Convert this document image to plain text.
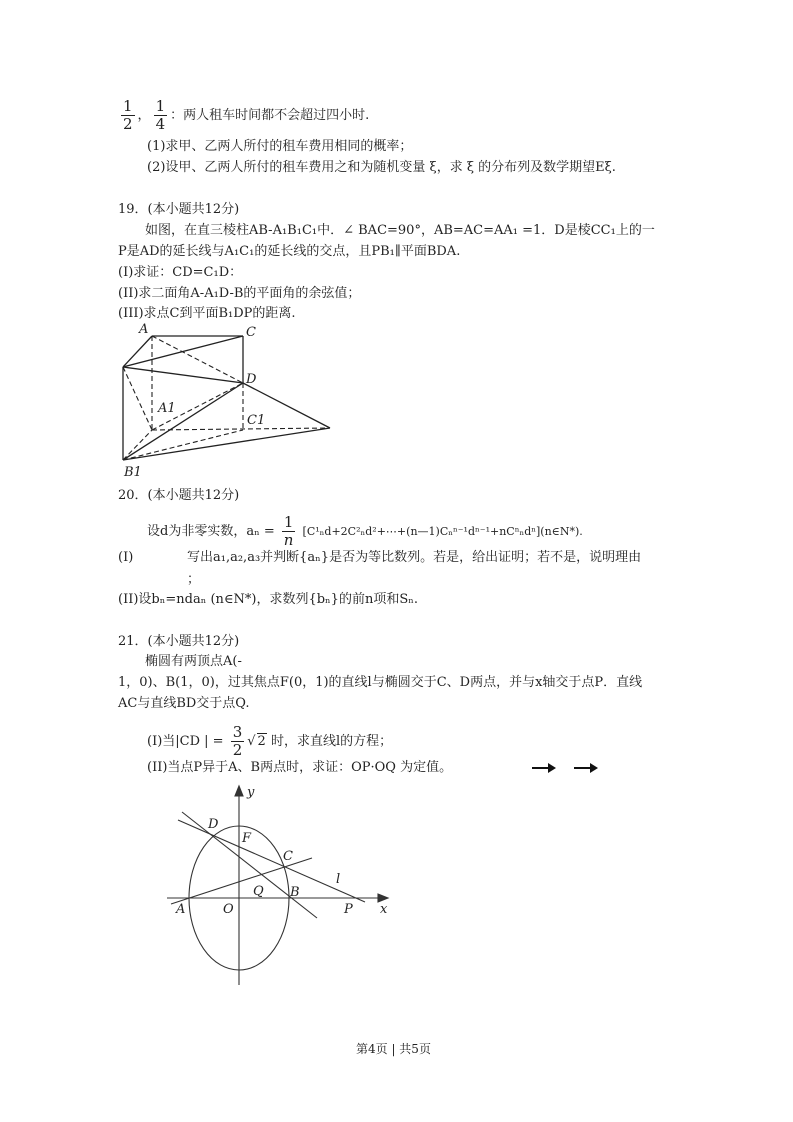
$\frac{1}{2}$ ， $\frac{1}{4}$ ：两人租车时间都不会超过四小时.
(1)求甲、乙两人所付的租车费用相同的概率；
(2)设甲、乙两人所付的租车费用之和为随机变量 ξ，求 ξ 的分布列及数学期望Eξ.
19．(本小题共12分)
如图，在直三棱柱AB-A₁B₁C₁中．∠ BAC=90°，AB=AC=AA₁ =1．D是棱CC₁上的一
P是AD的延长线与A₁C₁的延长线的交点，且PB₁∥平面BDA.
(I)求证：CD=C₁D：
(II)求二面角A-A₁D-B的平面角的余弦值；
(III)求点C到平面B₁DP的距离.
A	C
D
A1
C1
B1
20．(本小题共12分)
设d为非零实数，$a_n = \frac{1}{n}$ [C¹ₙd+2C²ₙd²+⋯+(n—1)Cₙⁿ⁻¹dⁿ⁻¹+nCⁿₙdⁿ](n∈N*).
(I)	写出a₁,a₂,a₃并判断{aₙ}是否为等比数列。若是，给出证明；若不是，说明理由
；
(II)设bₙ=ndaₙ (n∈N*)，求数列{bₙ}的前n项和Sₙ.
21．(本小题共12分)
椭圆有两顶点A(-
1，0)、B(1，0)，过其焦点F(0，1)的直线l与椭圆交于C、D两点，并与x轴交于点P．直线
AC与直线BD交于点Q.
(I)当|CD | = $\frac{3}{2}$ √ 2 时，求直线l的方程；
(II)当点P异于A、B两点时，求证：OP·OQ 为定值。
y
D
F
C
Q B
l
A	O	P x
第4页 | 共5页
